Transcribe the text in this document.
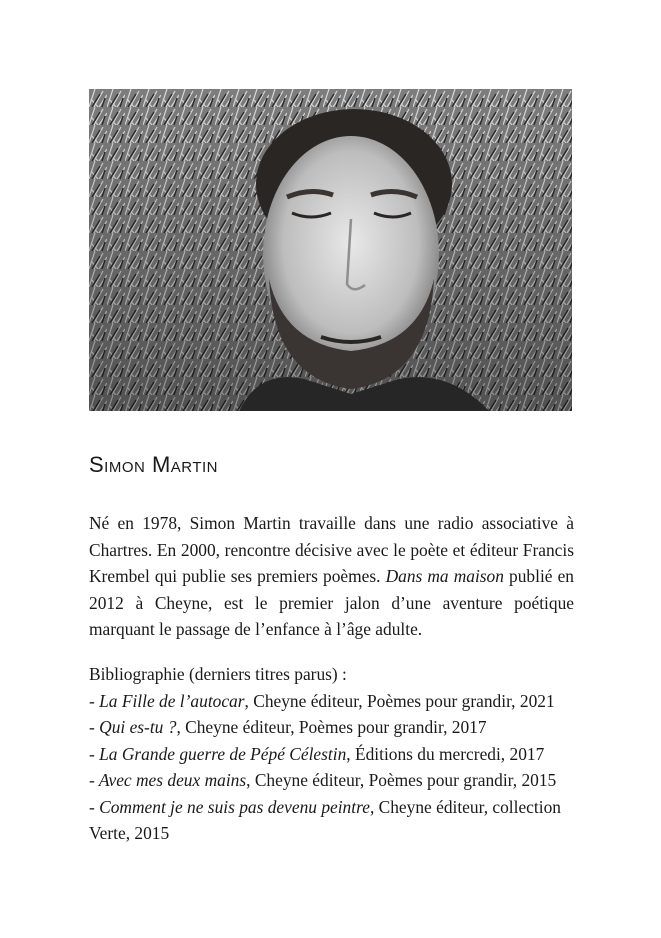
Simon Martin

Né en 1978, Simon Martin travaille dans une radio associative à Chartres. En 2000, rencontre décisive avec le poète et éditeur Francis Krembel qui publie ses premiers poèmes. Dans ma maison publié en 2012 à Cheyne, est le premier jalon d’une aventure poétique marquant le passage de l’enfance à l’âge adulte.

Bibliographie (derniers titres parus) :
- La Fille de l’autocar, Cheyne éditeur, Poèmes pour grandir, 2021
- Qui es-tu ?, Cheyne éditeur, Poèmes pour grandir, 2017
- La Grande guerre de Pépé Célestin, Éditions du mercredi, 2017
- Avec mes deux mains, Cheyne éditeur, Poèmes pour grandir, 2015
- Comment je ne suis pas devenu peintre, Cheyne éditeur, collection Verte, 2015
